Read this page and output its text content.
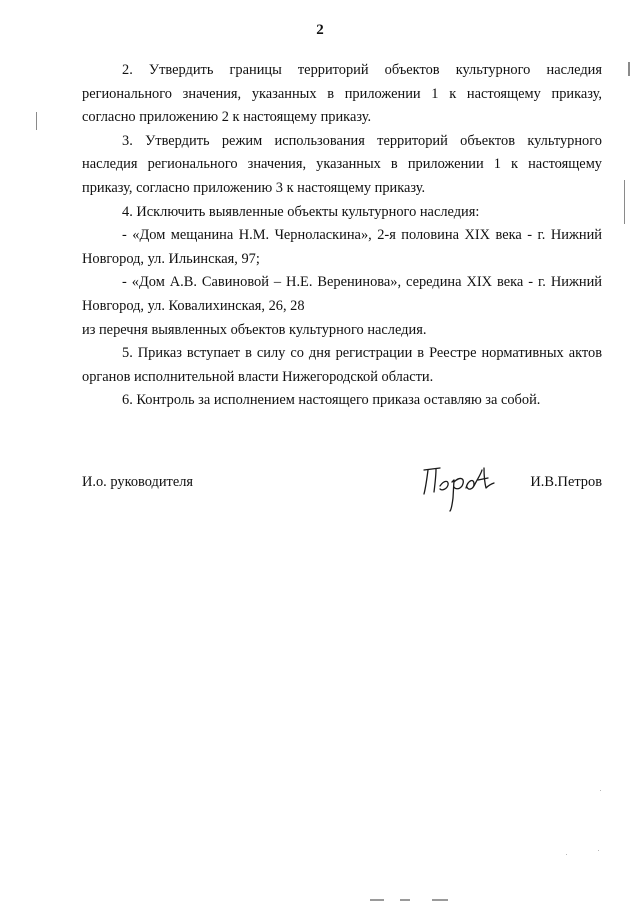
2

2. Утвердить границы территорий объектов культурного наследия регионального значения, указанных в приложении 1 к настоящему приказу, согласно приложению 2 к настоящему приказу.

3. Утвердить режим использования территорий объектов культурного наследия регионального значения, указанных в приложении 1 к настоящему приказу, согласно приложению 3 к настоящему приказу.

4. Исключить выявленные объекты культурного наследия:

- «Дом мещанина Н.М. Черноласкина», 2-я половина XIX века - г. Нижний Новгород, ул. Ильинская, 97;

- «Дом А.В. Савиновой – Н.Е. Веренинова», середина XIX века - г. Нижний Новгород, ул. Ковалихинская, 26, 28

из перечня выявленных объектов культурного наследия.

5. Приказ вступает в силу со дня регистрации в Реестре нормативных актов органов исполнительной власти Нижегородской области.

6. Контроль за исполнением настоящего приказа оставляю за собой.

И.о. руководителя	И.В.Петров
